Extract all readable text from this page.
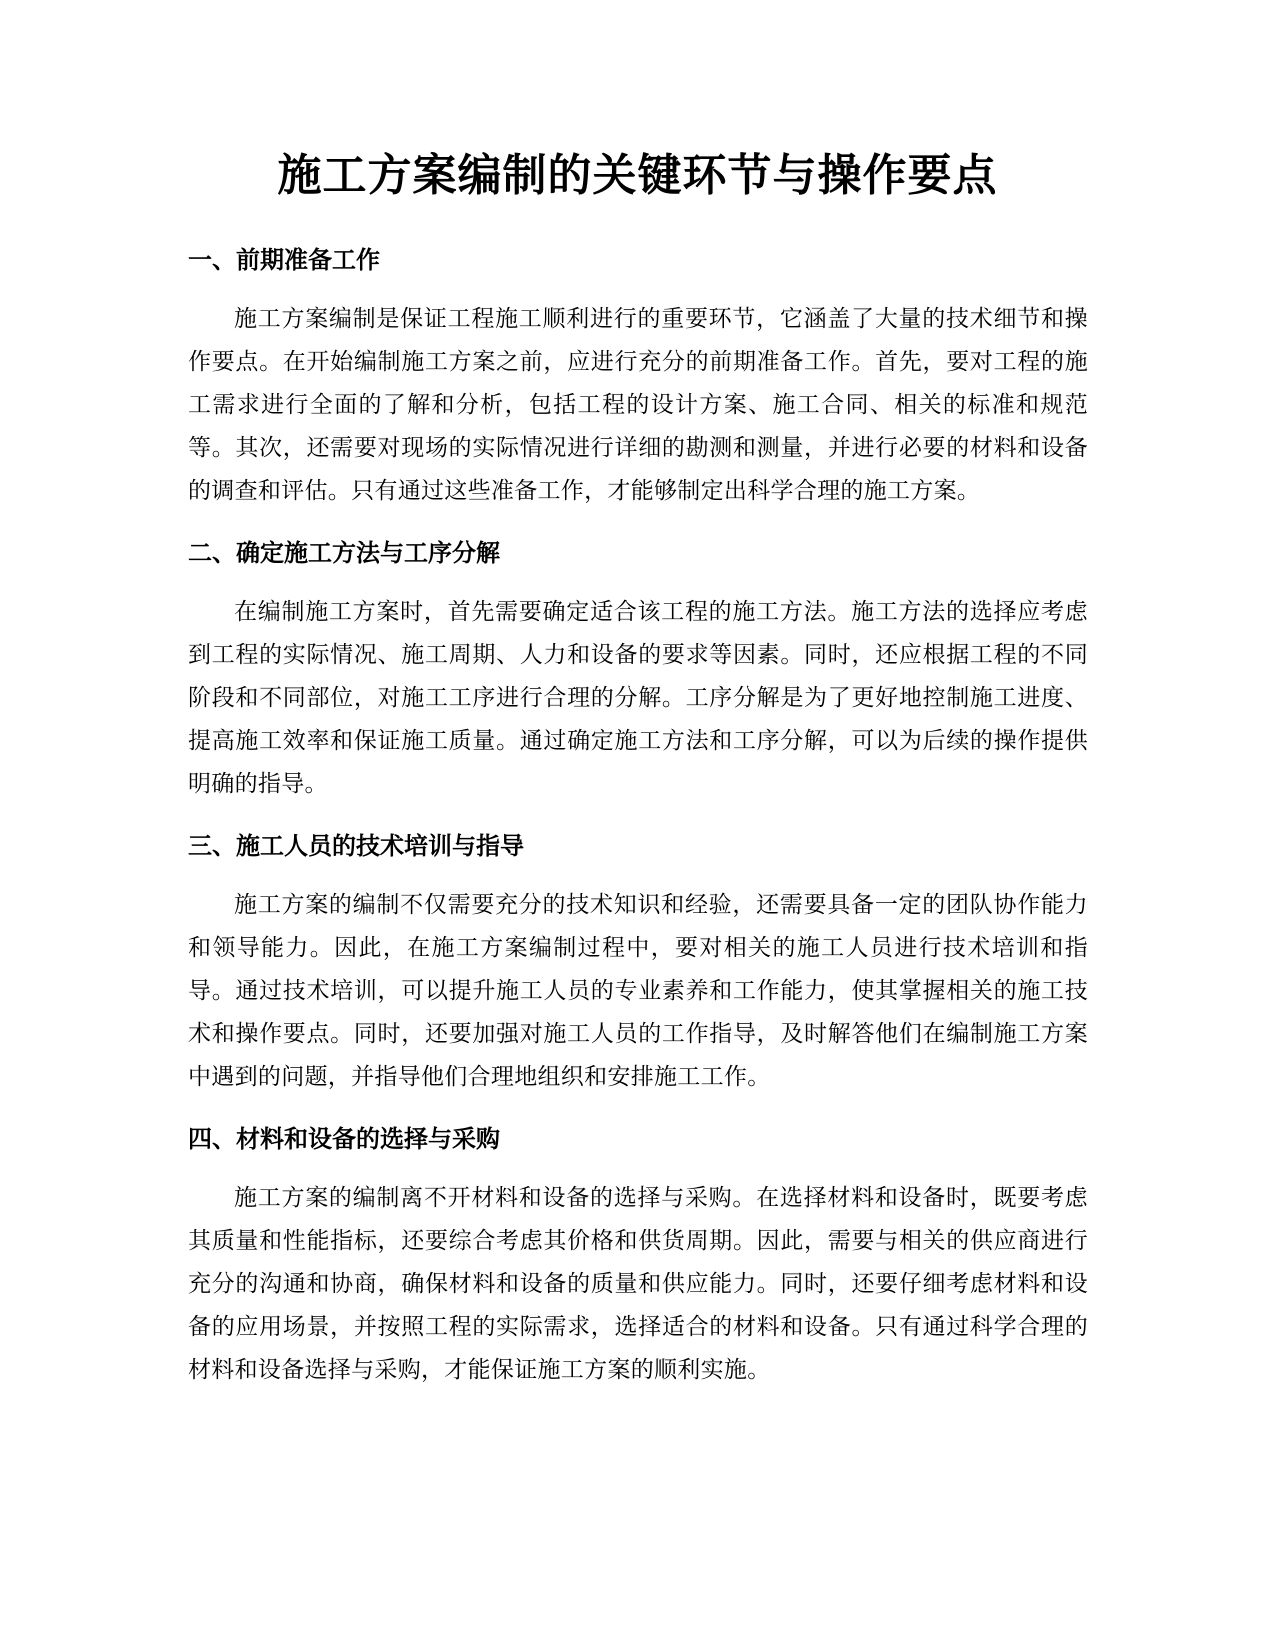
施工方案编制的关键环节与操作要点
一、前期准备工作

施工方案编制是保证工程施工顺利进行的重要环节，它涵盖了大量的技术细节和操作要点。在开始编制施工方案之前，应进行充分的前期准备工作。首先，要对工程的施工需求进行全面的了解和分析，包括工程的设计方案、施工合同、相关的标准和规范等。其次，还需要对现场的实际情况进行详细的勘测和测量，并进行必要的材料和设备的调查和评估。只有通过这些准备工作，才能够制定出科学合理的施工方案。

二、确定施工方法与工序分解

在编制施工方案时，首先需要确定适合该工程的施工方法。施工方法的选择应考虑到工程的实际情况、施工周期、人力和设备的要求等因素。同时，还应根据工程的不同阶段和不同部位，对施工工序进行合理的分解。工序分解是为了更好地控制施工进度、提高施工效率和保证施工质量。通过确定施工方法和工序分解，可以为后续的操作提供明确的指导。

三、施工人员的技术培训与指导

施工方案的编制不仅需要充分的技术知识和经验，还需要具备一定的团队协作能力和领导能力。因此，在施工方案编制过程中，要对相关的施工人员进行技术培训和指导。通过技术培训，可以提升施工人员的专业素养和工作能力，使其掌握相关的施工技术和操作要点。同时，还要加强对施工人员的工作指导，及时解答他们在编制施工方案中遇到的问题，并指导他们合理地组织和安排施工工作。

四、材料和设备的选择与采购

施工方案的编制离不开材料和设备的选择与采购。在选择材料和设备时，既要考虑其质量和性能指标，还要综合考虑其价格和供货周期。因此，需要与相关的供应商进行充分的沟通和协商，确保材料和设备的质量和供应能力。同时，还要仔细考虑材料和设备的应用场景，并按照工程的实际需求，选择适合的材料和设备。只有通过科学合理的材料和设备选择与采购，才能保证施工方案的顺利实施。
